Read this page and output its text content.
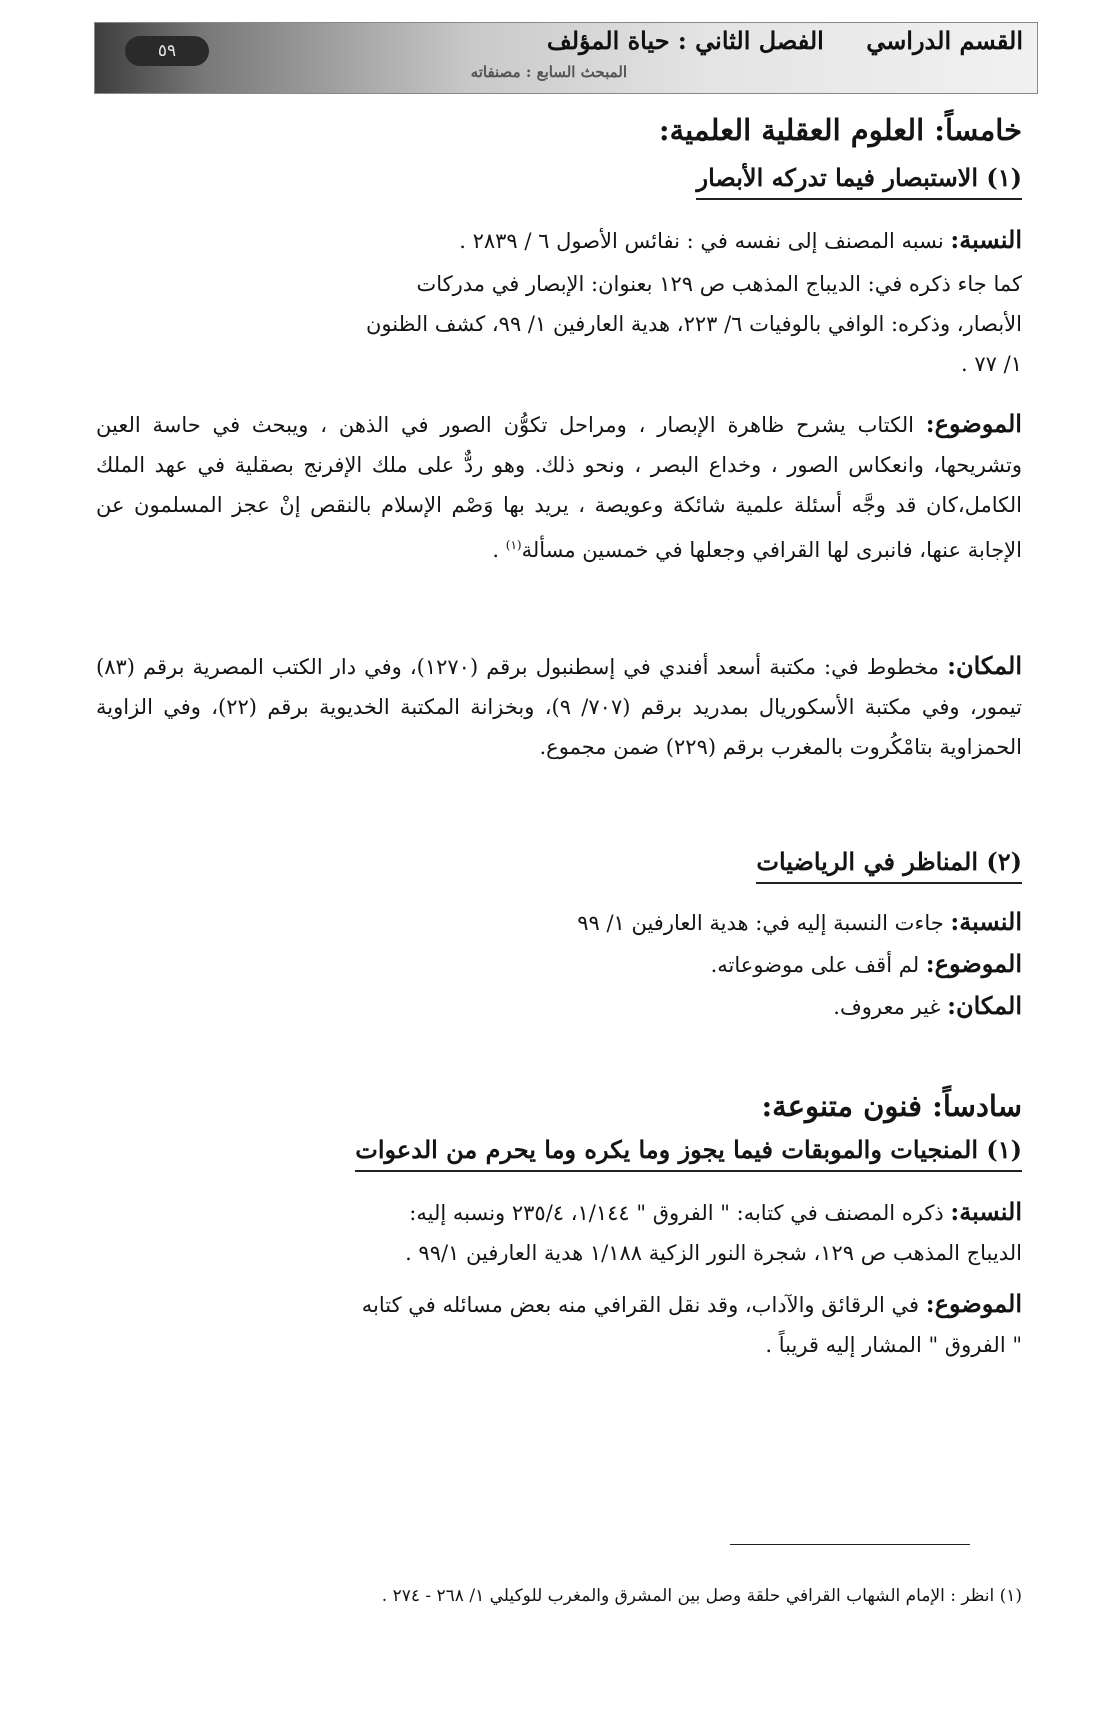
٥٩	القسم الدراسي الفصل الثاني : حياة المؤلف
المبحث السابع : مصنفاته
خامساً: العلوم العقلية العلمية:
(١) الاستبصار فيما تدركه الأبصار
النسبة: نسبه المصنف إلى نفسه في : نفائس الأصول ٦ / ٢٨٣٩ .
كما جاء ذكره في: الديباج المذهب ص ١٢٩ بعنوان: الإبصار في مدركات
الأبصار، وذكره: الوافي بالوفيات ٦/ ٢٢٣، هدية العارفين ١/ ٩٩، كشف الظنون
١/ ٧٧ .
الموضوع: الكتاب يشرح ظاهرة الإبصار ، ومراحل تكوُّن الصور في الذهن ، ويبحث في حاسة العين وتشريحها، وانعكاس الصور ، وخداع البصر ، ونحو ذلك. وهو ردٌّ على ملك الإفرنج بصقلية في عهد الملك الكامل،كان قد وجَّه أسئلة علمية شائكة وعويصة ، يريد بها وَصْم الإسلام بالنقص إنْ عجز المسلمون عن الإجابة عنها، فانبرى لها القرافي وجعلها في خمسين مسألة$^{(١)}$ .
المكان: مخطوط في: مكتبة أسعد أفندي في إسطنبول برقم (١٢٧٠)، وفي دار الكتب المصرية برقم (٨٣) تيمور، وفي مكتبة الأسكوريال بمدريد برقم (٧٠٧/ ٩)، وبخزانة المكتبة الخديوية برقم (٢٢)، وفي الزاوية الحمزاوية بتامْكُروت بالمغرب برقم (٢٢٩) ضمن مجموع.
(٢) المناظر في الرياضيات
النسبة: جاءت النسبة إليه في: هدية العارفين ١/ ٩٩
الموضوع: لم أقف على موضوعاته.
المكان: غير معروف.
سادساً: فنون متنوعة:
(١) المنجيات والموبقات فيما يجوز وما يكره وما يحرم من الدعوات
النسبة: ذكره المصنف في كتابه: " الفروق " ١/١٤٤، ٢٣٥/٤ ونسبه إليه:
الديباج المذهب ص ١٢٩، شجرة النور الزكية ١/١٨٨ هدية العارفين ٩٩/١ .
الموضوع: في الرقائق والآداب، وقد نقل القرافي منه بعض مسائله في كتابه
" الفروق " المشار إليه قريباً .
(١) انظر : الإمام الشهاب القرافي حلقة وصل بين المشرق والمغرب للوكيلي ١/ ٢٦٨ - ٢٧٤ .
